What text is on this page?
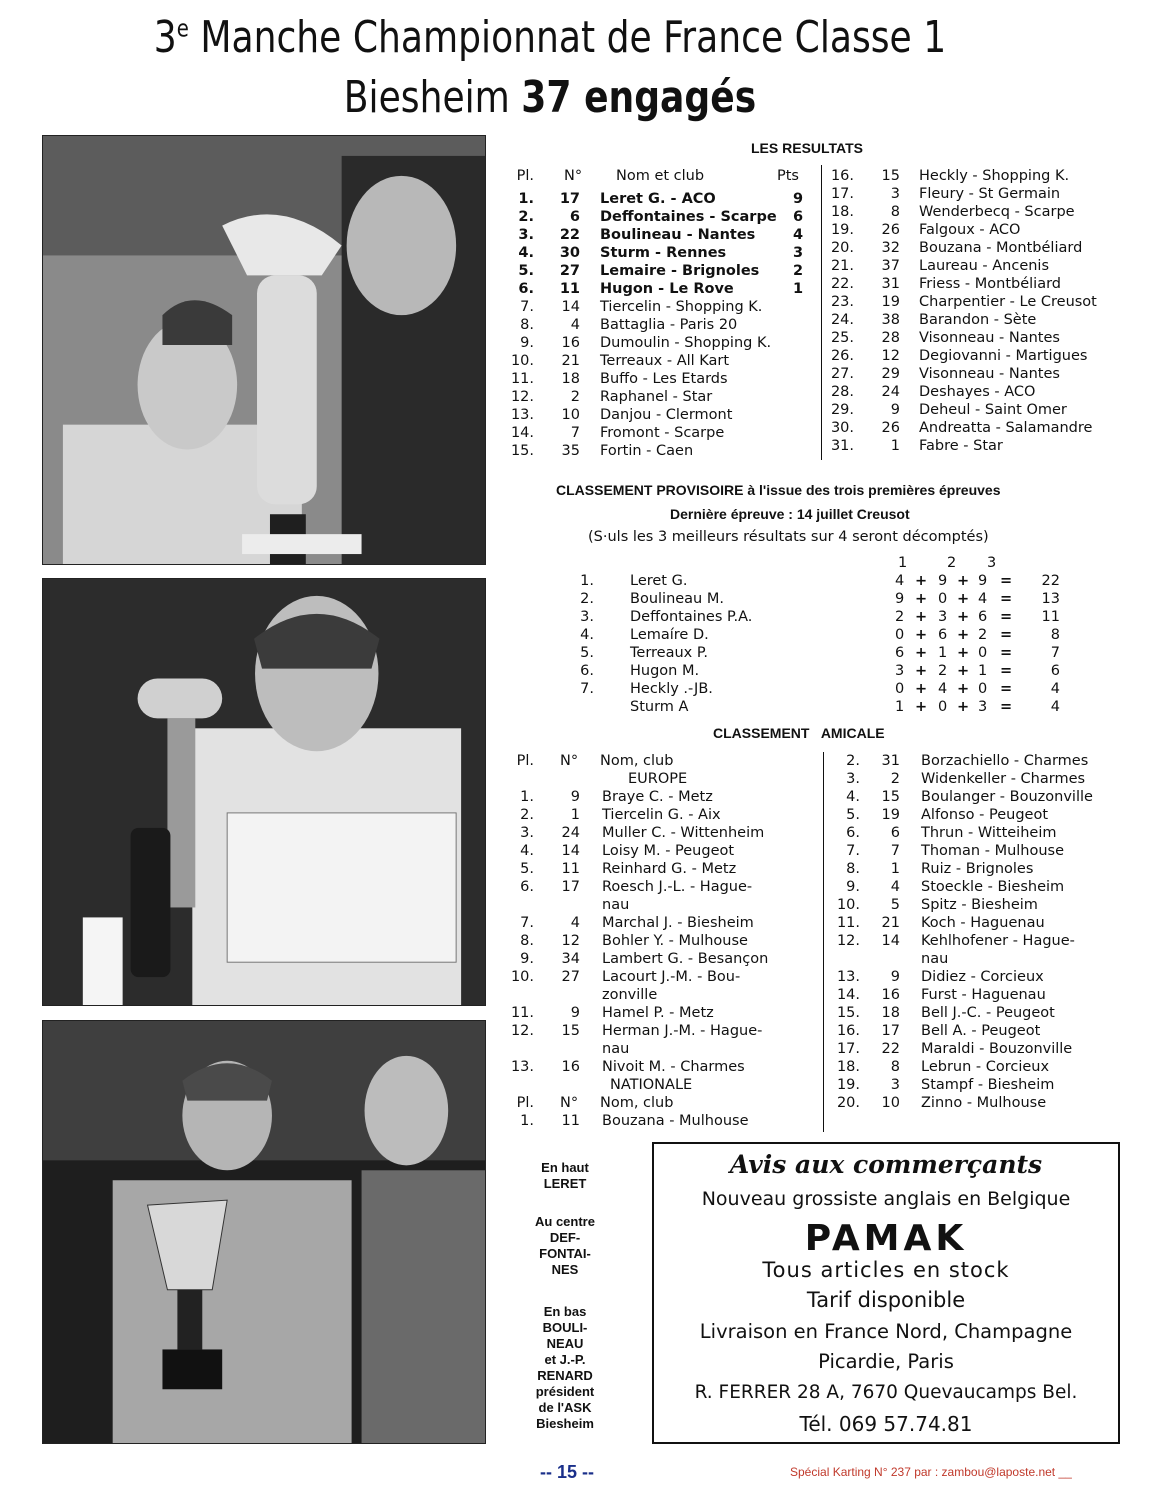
3e Manche Championnat de France Classe 1
Biesheim 37 engagés
LES RESULTATS
Pl. N° Nom et club	Pts
1.	17 Leret G. - ACO	9
2.	6 Deffontaines - Scarpe 6
3.	22 Boulineau - Nantes	4
4.	30 Sturm - Rennes	3
5.	27 Lemaire - Brignoles 2
6.	11 Hugon - Le Rove	1
7.	14 Tiercelin - Shopping K.
8.	4 Battaglia - Paris 20
9.	16 Dumoulin - Shopping K.
10.	21 Terreaux - All Kart
11.	18 Buffo - Les Etards
12.	2 Raphanel - Star
13.	10 Danjou - Clermont
14.	7 Fromont - Scarpe
15.	35 Fortin - Caen
16.	15 Heckly - Shopping K.
17.	3 Fleury - St Germain
18.	8 Wenderbecq - Scarpe
19.	26 Falgoux - ACO
20.	32 Bouzana - Montbéliard
21.	37 Laureau - Ancenis
22.	31 Friess - Montbéliard
23.	19 Charpentier - Le Creusot
24.	38 Barandon - Sète
25.	28 Visonneau - Nantes
26.	12 Degiovanni - Martigues
27.	29 Visonneau - Nantes
28.	24 Deshayes - ACO
29.	9 Deheul - Saint Omer
30.	26 Andreatta - Salamandre
31.	1 Fabre - Star
CLASSEMENT PROVISOIRE à l'issue des trois premières épreuves
Dernière épreuve : 14 juillet Creusot
(S·uls les 3 meilleurs résultats sur 4 seront décomptés)
1	2 3
1. Leret G.	4 + 9 + 9 =	22
2. Boulineau M.	9 + 0 + 4 =	13
3. Deffontaines P.A.	2 + 3 + 6 =	11
4. Lemaíre D.	0 + 6 + 2 =	8
5. Terreaux P.	6 + 1 + 0 =	7
6. Hugon M.	3 + 2 + 1 =	6
7. Heckly .-JB.	0 + 4 + 0 =	4
Sturm A	1 + 0 + 3 =	4
CLASSEMENT AMICALE
Pl. N° Nom, club
EUROPE
1.	9 Braye C. - Metz
2.	1 Tiercelin G. - Aix
3.	24 Muller C. - Wittenheim
4.	14 Loisy M. - Peugeot
5.	11 Reinhard G. - Metz
6.	17 Roesch J.-L. - Hague-
nau
7.	4 Marchal J. - Biesheim
8.	12 Bohler Y. - Mulhouse
9.	34 Lambert G. - Besançon
10.	27 Lacourt J.-M. - Bou-
zonville
11.	9 Hamel P. - Metz
12.	15 Herman J.-M. - Hague-
nau
13.	16 Nivoit M. - Charmes
NATIONALE
Pl. N° Nom, club
1.	11 Bouzana - Mulhouse
2.	31 Borzachiello - Charmes
3.	2 Widenkeller - Charmes
4.	15 Boulanger - Bouzonville
5.	19 Alfonso - Peugeot
6.	6 Thrun - Witteiheim
7.	7 Thoman - Mulhouse
8.	1 Ruiz - Brignoles
9.	4 Stoeckle - Biesheim
10.	5 Spitz - Biesheim
11.	21 Koch - Haguenau
12.	14 Kehlhofener - Hague-
nau
13.	9 Didiez - Corcieux
14.	16 Furst - Haguenau
15.	18 Bell J.-C. - Peugeot
16.	17 Bell A. - Peugeot
17.	22 Maraldi - Bouzonville
18.	8 Lebrun - Corcieux
19.	3 Stampf - Biesheim
20.	10 Zinno - Mulhouse
En haut
LERET
Au centre
DEF-
FONTAI-
NES
En bas
BOULI-
NEAU
et J.-P.
RENARD
président
de l'ASK
Biesheim
Avis aux commerçants
Nouveau grossiste anglais en Belgique
PAMAK
Tous articles en stock
Tarif disponible
Livraison en France Nord, Champagne
Picardie, Paris
R. FERRER 28 A, 7670 Quevaucamps Bel.
Tél. 069 57.74.81
-- 15 --	Spécial Karting N° 237 par : zambou@laposte.net __
